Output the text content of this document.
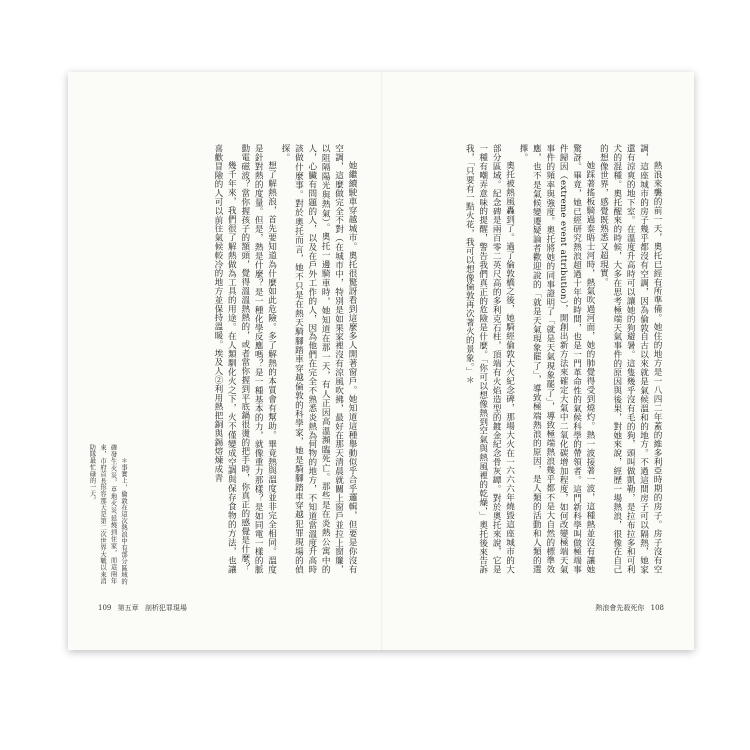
＊事實上，倫敦在這次熱浪中有部分區域的確發生火災，草地火災延燒到住家，而這兩年來，市府首長形容那天是第二次世界大戰以來消防隊最忙碌的一天。	她繼續駛車穿越城市。奧托很驚訝看到這麼多人開著窗戶。她知道這種舉動似乎合乎邏輯，但要是你沒有空調，這麼做完全不對（在城市中，特別是如果家裡沒有涼風吹拂，最好在那天清晨就關上窗戶並拉上窗簾，以阻隔陽光與熱氣）。奧托一邊騎車時，她知道在那一天，有人正因高溫瀕臨死亡。那些是在炎熱公寓中的人，心臟有問題的人，以及在戶外工作的人，因為他們在完全不熟悉炎熱為何物的地方，不知道當溫度升高時該做什麼事。對於奧托而言，她不只是在熱天騎腳踏車穿越倫敦的科學家，她是騎腳踏車穿越犯罪現場的偵探。

想了解熱浪，首先要知道為什麼如此危險。多了解熱的本質會有幫助。畢竟熱與溫度並非完全相同。溫度是針對熱的度量。但是，熱是什麼？是一種化學反應嗎？是一種基本的力，就像重力那樣？是如同電一樣的脈動電磁波？當你握孩子的額頭，覺得溫溫熱熱的，或者當你握到平底鍋很燙的把手時，你真正的感覺是什麼？

幾千年來，我們很了解熱做為工具的用途。在人類馴化火之下，火不僅變成空調與保存食物的方法，也讓喜歡冒險的人可以前往氣候較冷的地方並保持溫暖。埃及人②利用熱把銅與錫熔煉成青

109 第五章 剖析犯罪現場

熱浪來襲的前一天，奧托已經有所準備。她住的地方是一八四二年蓋的維多利亞時期的房子。房子沒有空調，這座城市的房子幾乎都沒有空調，因為倫敦自古以來就是氣候溫和的地方。不過這間房子可以隔熱，她家還有涼爽的地下室。在溫度升高時可以讓她的狗避暑。這隻幾乎沒有毛的狗，頭叫做凱勒，是拉布拉多和可利犬的混種。奧托醒來的時候，大多在思考極端天氣事件的原因與後果，對她來說，經歷一場熱浪，很像在自己的想像世界，感覺既熟悉又超現實。

她踩著搖板騎過泰晤士河時，熱氣吹過河面，她的肺覺得受到燒灼。熱一波接著一波，這種熱並沒有讓她驚訝。畢竟，她已經研究熱浪超過十年的時間，也是一門革命性的氣候科學的帶領者。這門新科學叫做極端事件歸因（extreme event attribution），開創出新方法來確定大氣中二氧化碳增加程度，如何改變極端天氣事件的頻率與強度。奧托將她的同事證明了「就是天氣現象罷了」，導致極端熱浪幾乎都不是大自然的標準效應，也不是氣候變遷疑論者歡迎說的「就是天氣現象罷了」，導致極端熱浪的原因，是人類的活動和人類的選擇。

奧托被熱風轟到了。過了倫敦橋之後，她騎經倫敦大火紀念碑，那場大火在一六六六年燒毀這座城市的大部分區域。紀念碑是兩百零二英尺高的多利克石柱，頂端有火焰造型的鍍金紀念骨灰罈。對於奧托來說，它是一種有嘲弄意味的提醒，警告我們真正的危險是什麼。「你可以想像熱到空氣與熱風裡的乾燥，」奧托後來告訴我，「只要有一點火花，我可以想像倫敦再次著火的景象。」＊

熱浪會先殺死你 108
